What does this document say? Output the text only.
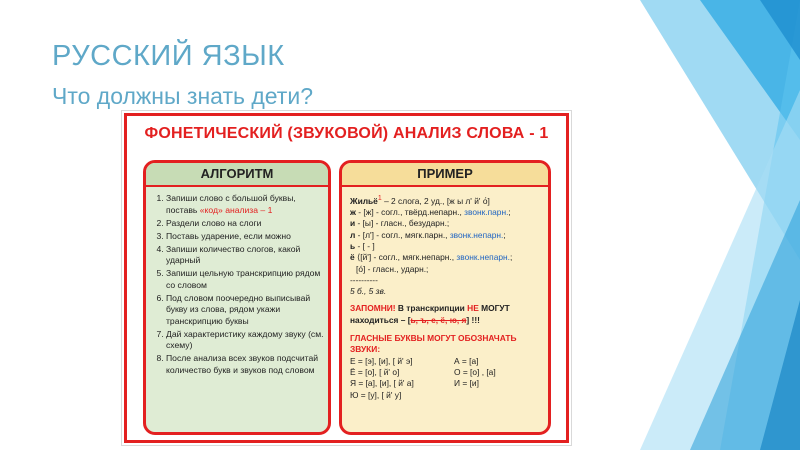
РУССКИЙ ЯЗЫК
Что должны знать дети?
ФОНЕТИЧЕСКИЙ (ЗВУКОВОЙ) АНАЛИЗ СЛОВА - 1
АЛГОРИТМ
1. Запиши слово с большой буквы, поставь «код» анализа – 1
2. Раздели слово на слоги
3. Поставь ударение, если можно
4. Запиши количество слогов, какой ударный
5. Запиши цельную транскрипцию рядом со словом
6. Под словом поочередно выписывай букву из слова, рядом укажи транскрипцию буквы
7. Дай характеристику каждому звуку (см. схему)
8. После анализа всех звуков подсчитай количество букв и звуков под словом
ПРИМЕР
Жильё$^1$ – 2 слога, 2 уд., [ж ы л' й' о́]
ж - [ж] - согл., твёрд.непарн., звонк.парн.;
и - [ы] - гласн., безударн.;
л - [л'] - согл., мягк.парн., звонк.непарн.;
ь - [ - ]
ё ⟨[й'] - согл., мягк.непарн., звонк.непарн.;
[о́] - гласн., ударн.;
----------
5 б., 5 зв.
ЗАПОМНИ! В транскрипции НЕ МОГУТ находиться – [ь, ъ, е, ё, ю, я] !!!
ГЛАСНЫЕ БУКВЫ МОГУТ ОБОЗНАЧАТЬ ЗВУКИ:
Е = [э], [и], [ й' э]	А = [а]
Ё = [о], [ й' о]	О = [о] , [а]
Я = [а], [и], [ й' а]	И = [и]
Ю = [у], [ й' у]
